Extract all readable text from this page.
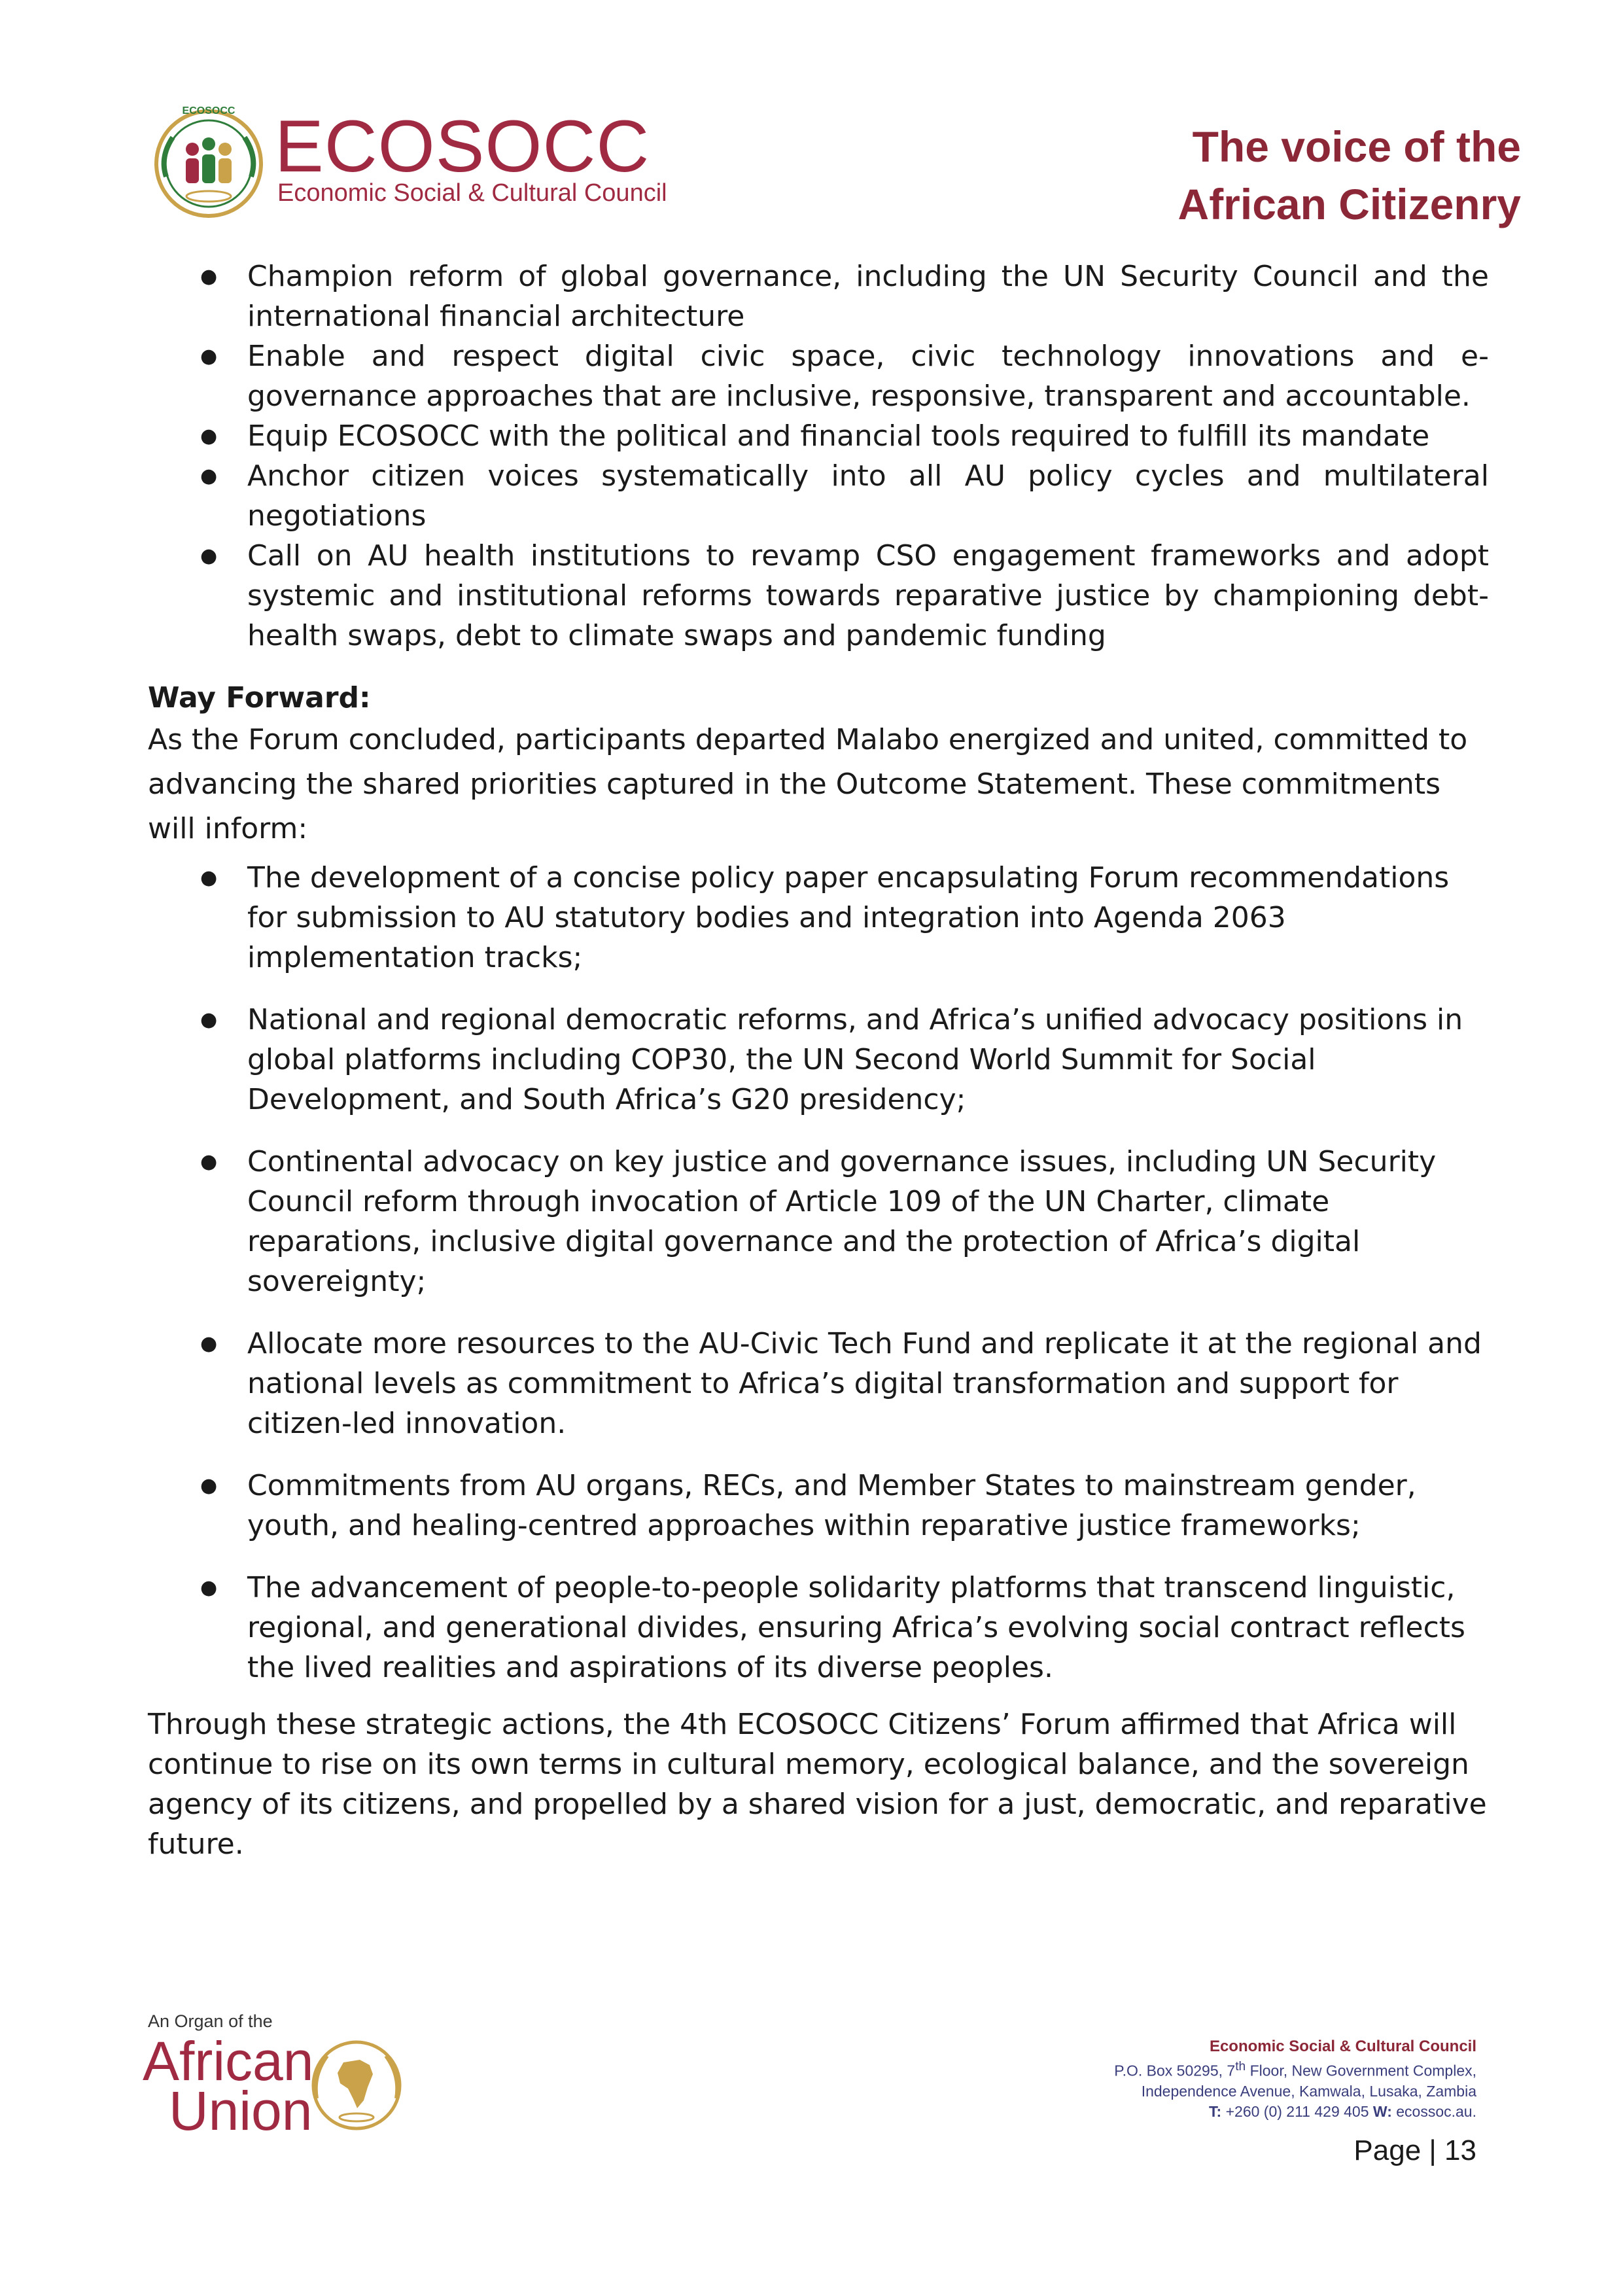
ECOSOCC ECOSOCC
Economic Social & Cultural Council
The voice of the
African Citizenry
● Champion reform of global governance, including the UN Security Council and the international financial architecture
● Enable and respect digital civic space, civic technology innovations and e-governance approaches that are inclusive, responsive, transparent and accountable.
● Equip ECOSOCC with the political and financial tools required to fulfill its mandate
● Anchor citizen voices systematically into all AU policy cycles and multilateral negotiations
● Call on AU health institutions to revamp CSO engagement frameworks and adopt systemic and institutional reforms towards reparative justice by championing debt-health swaps, debt to climate swaps and pandemic funding
Way Forward:
As the Forum concluded, participants departed Malabo energized and united, committed to advancing the shared priorities captured in the Outcome Statement. These commitments will inform:
● The development of a concise policy paper encapsulating Forum recommendations for submission to AU statutory bodies and integration into Agenda 2063 implementation tracks;
● National and regional democratic reforms, and Africa’s unified advocacy positions in global platforms including COP30, the UN Second World Summit for Social Development, and South Africa’s G20 presidency;
● Continental advocacy on key justice and governance issues, including UN Security Council reform through invocation of Article 109 of the UN Charter, climate reparations, inclusive digital governance and the protection of Africa’s digital sovereignty;
● Allocate more resources to the AU-Civic Tech Fund and replicate it at the regional and national levels as commitment to Africa’s digital transformation and support for citizen-led innovation.
● Commitments from AU organs, RECs, and Member States to mainstream gender, youth, and healing-centred approaches within reparative justice frameworks;
● The advancement of people-to-people solidarity platforms that transcend linguistic, regional, and generational divides, ensuring Africa’s evolving social contract reflects the lived realities and aspirations of its diverse peoples.
Through these strategic actions, the 4th ECOSOCC Citizens’ Forum affirmed that Africa will continue to rise on its own terms in cultural memory, ecological balance, and the sovereign agency of its citizens, and propelled by a shared vision for a just, democratic, and reparative future.
An Organ of the
African
Union
Economic Social & Cultural Council
P.O. Box 50295, 7th Floor, New Government Complex,
Independence Avenue, Kamwala, Lusaka, Zambia
T: +260 (0) 211 429 405 W: ecossoc.au.
Page | 13
